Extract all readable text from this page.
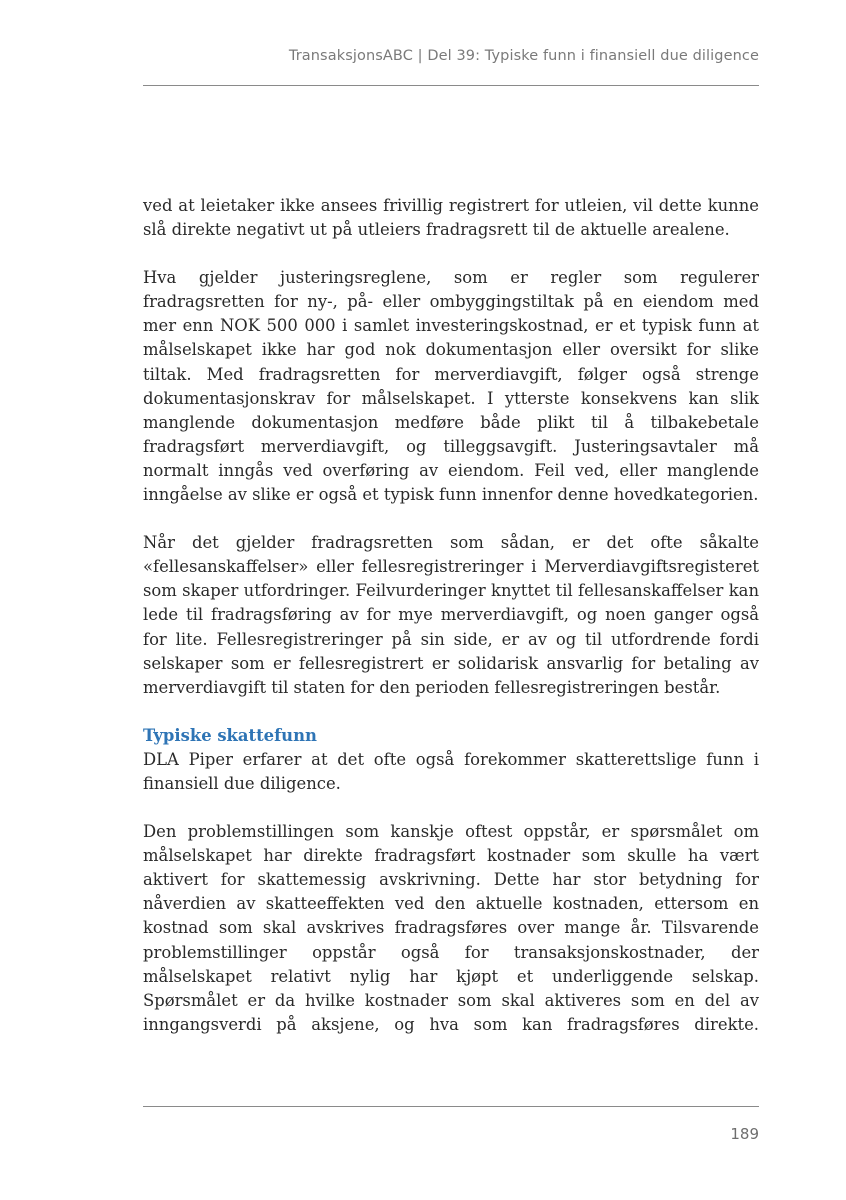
TransaksjonsABC | Del 39: Typiske funn i finansiell due diligence

ved at leietaker ikke ansees frivillig registrert for utleien, vil dette kunne slå direkte negativt ut på utleiers fradragsrett til de aktuelle arealene.

Hva gjelder justeringsreglene, som er regler som regulerer fradragsretten for ny-, på- eller ombyggingstiltak på en eiendom med mer enn NOK 500 000 i samlet investeringskostnad, er et typisk funn at målselskapet ikke har god nok dokumentasjon eller oversikt for slike tiltak. Med fradragsretten for merverdiavgift, følger også strenge dokumentasjonskrav for målselskapet. I ytterste konsekvens kan slik manglende dokumentasjon medføre både plikt til å tilbakebetale fradragsført merverdiavgift, og tilleggsavgift. Justeringsavtaler må normalt inngås ved overføring av eiendom. Feil ved, eller manglende inngåelse av slike er også et typisk funn innenfor denne hovedkategorien.

Når det gjelder fradragsretten som sådan, er det ofte såkalte «fellesanskaffelser» eller fellesregistreringer i Merverdiavgiftsregisteret som skaper utfordringer. Feilvurderinger knyttet til fellesanskaffelser kan lede til fradragsføring av for mye merverdiavgift, og noen ganger også for lite. Fellesregistreringer på sin side, er av og til utfordrende fordi selskaper som er fellesregistrert er solidarisk ansvarlig for betaling av merverdiavgift til staten for den perioden fellesregistreringen består.

Typiske skattefunn

DLA Piper erfarer at det ofte også forekommer skatterettslige funn i finansiell due diligence.

Den problemstillingen som kanskje oftest oppstår, er spørsmålet om målselskapet har direkte fradragsført kostnader som skulle ha vært aktivert for skattemessig avskrivning. Dette har stor betydning for nåverdien av skatteeffekten ved den aktuelle kostnaden, ettersom en kostnad som skal avskrives fradragsføres over mange år. Tilsvarende problemstillinger oppstår også for transaksjonskostnader, der målselskapet relativt nylig har kjøpt et underliggende selskap. Spørsmålet er da hvilke kostnader som skal aktiveres som en del av inngangsverdi på aksjene, og hva som kan fradragsføres direkte.

189
